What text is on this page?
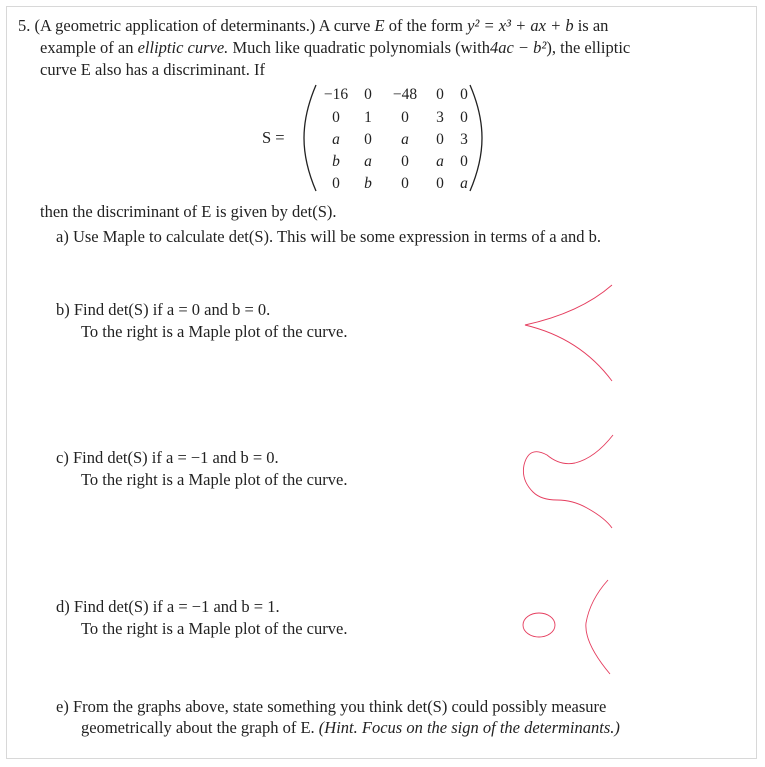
5. (A geometric application of determinants.) A curve E of the form y² = x³ + ax + b is an
example of an elliptic curve. Much like quadratic polynomials (with4ac − b²), the elliptic
curve E also has a discriminant. If
S =
−16	0	−48	0	0
0	1	0	3	0
a	0	a	0	3
b	a	0	a	0
0	b	0	0	a
then the discriminant of E is given by det(S).
a) Use Maple to calculate det(S). This will be some expression in terms of a and b.
b) Find det(S) if a = 0 and b = 0.
To the right is a Maple plot of the curve.
c) Find det(S) if a = −1 and b = 0.
To the right is a Maple plot of the curve.
d) Find det(S) if a = −1 and b = 1.
To the right is a Maple plot of the curve.
e) From the graphs above, state something you think det(S) could possibly measure
geometrically about the graph of E. (Hint. Focus on the sign of the determinants.)
